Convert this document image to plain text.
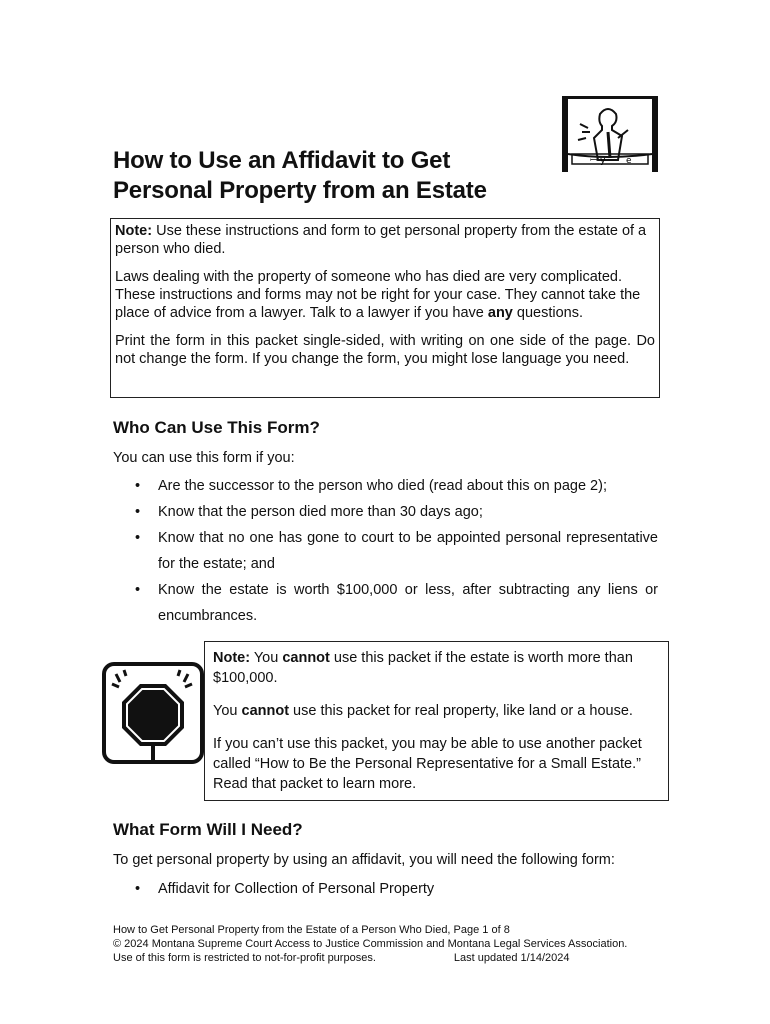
ꟷ y e
How to Use an Affidavit to Get
Personal Property from an Estate

Note: Use these instructions and form to get personal property from the estate of a person who died.

Laws dealing with the property of someone who has died are very complicated. These instructions and forms may not be right for your case. They cannot take the place of advice from a lawyer. Talk to a lawyer if you have any questions.

Print the form in this packet single-sided, with writing on one side of the page. Do not change the form. If you change the form, you might lose language you need.

Who Can Use This Form?
You can use this form if you:
• Are the successor to the person who died (read about this on page 2);
• Know that the person died more than 30 days ago;
• Know that no one has gone to court to be appointed personal representative for the estate; and
• Know the estate is worth $100,000 or less, after subtracting any liens or encumbrances.

Note: You cannot use this packet if the estate is worth more than $100,000.

You cannot use this packet for real property, like land or a house.

If you can’t use this packet, you may be able to use another packet called “How to Be the Personal Representative for a Small Estate.” Read that packet to learn more.

What Form Will I Need?
To get personal property by using an affidavit, you will need the following form:
• Affidavit for Collection of Personal Property
How to Get Personal Property from the Estate of a Person Who Died, Page 1 of 8
© 2024 Montana Supreme Court Access to Justice Commission and Montana Legal Services Association.
Use of this form is restricted to not-for-profit purposes.	Last updated 1/14/2024
